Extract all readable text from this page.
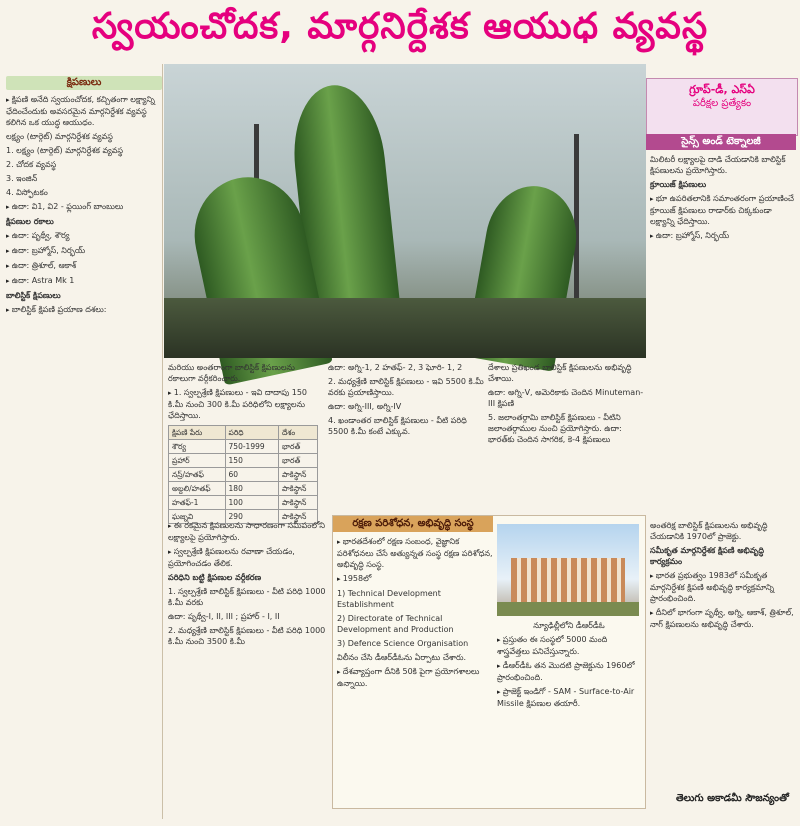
స్వయంచోదక, మార్గనిర్దేశక ఆయుధ వ్యవస్థ
క్షిపణులు

▸ క్షిపణి అనేది స్వయంచోదక, కచ్చితంగా లక్ష్యాన్ని ఛేదించేందుకు అవసరమైన మార్గనిర్దేశక వ్యవస్థ కలిగిన ఒక యుద్ధ ఆయుధం.

లక్ష్యం (టార్గెట్) మార్గనిర్దేశక వ్యవస్థ

1. లక్ష్యం (టార్గెట్) మార్గనిర్దేశక వ్యవస్థ

2. చోదక వ్యవస్థ

3. ఇంజిన్

4. విస్ఫోటకం

▸ ఉదా: వి1, వి2 - ఫ్లయింగ్ బాంబులు

క్షిపణుల రకాలు

▸ ఉదా: పృథ్వీ, శౌర్య

▸ ఉదా: బ్రహ్మోస్, నిర్భయ్

▸ ఉదా: త్రిశూల్, ఆకాశ్

▸ ఉదా: Astra Mk 1

బాలిస్టిక్ క్షిపణులు

▸ బాలిస్టిక్ క్షిపణి ప్రయాణ దశలు:

గ్రూప్-డీ, ఎస్‌ఏ
పరీక్షల ప్రత్యేకం
సైన్స్ అండ్ టెక్నాలజీ

మిలిటరీ లక్ష్యాలపై దాడి చేయడానికి బాలిస్టిక్ క్షిపణులను ప్రయోగిస్తారు.

క్రూయిజ్ క్షిపణులు

▸ భూ ఉపరితలానికి సమాంతరంగా ప్రయాణించే క్రూయిజ్ క్షిపణులు రాడార్‌కు చిక్కకుండా లక్ష్యాన్ని ఛేదిస్తాయి.

▸ ఉదా: బ్రహ్మోస్, నిర్భయ్

మరియు అంతరాంగా బాలిస్టిక్ క్షిపణులను రకాలుగా వర్గీకరించారు.

▸ 1. స్వల్పశ్రేణి క్షిపణులు - ఇవి దాదాపు 150 కి.మీ నుంచి 300 కి.మీ పరిధిలోని లక్ష్యాలను ఛేదిస్తాయి.

క్షిపణి పేరు	పరిధి	దేశం
శౌర్య	750-1999	భారత్
ప్రహార్	150	భారత్
నస్ర్/హతఫ్	60	పాకిస్థాన్
అబ్దలి/హతఫ్	180	పాకిస్థాన్
హతఫ్-1	100	పాకిస్థాన్
ఘజ్నవి	290	పాకిస్థాన్

ఉదా: అగ్ని-1, 2 హతఫ్- 2, 3 ఘోరి- 1, 2

2. మధ్యశ్రేణి బాలిస్టిక్ క్షిపణులు - ఇవి 5500 కి.మీ వరకు ప్రయాణిస్తాయి.

ఉదా: అగ్ని-III, అగ్ని-IV

4. ఖండాంతర బాలిస్టిక్ క్షిపణులు - వీటి పరిధి 5500 కి.మీ కంటే ఎక్కువ.

దేశాలు ప్రతిఖండ బాలిస్టిక్ క్షిపణులను అభివృద్ధి చేశాయి.

ఉదా: అగ్ని-V, అమెరికాకు చెందిన Minuteman-III క్షిపణి

5. జలాంతర్గామి బాలిస్టిక్ క్షిపణులు - వీటిని జలాంతర్గాముల నుంచి ప్రయోగిస్తారు. ఉదా: భారత్‌కు చెందిన సాగరిక, కె-4 క్షిపణులు

▸ ఈ రకమైన క్షిపణులను సాధారణంగా సమీపంలోని లక్ష్యాలపై ప్రయోగిస్తారు.

▸ స్వల్పశ్రేణి క్షిపణులను రవాణా చేయడం, ప్రయోగించడం తేలిక.

పరిధిని బట్టి క్షిపణుల వర్గీకరణ

1. స్వల్పశ్రేణి బాలిస్టిక్ క్షిపణులు - వీటి పరిధి 1000 కి.మీ వరకు

ఉదా: పృథ్వీ-I, II, III ; ప్రహార్ - I, II

2. మధ్యశ్రేణి బాలిస్టిక్ క్షిపణులు - వీటి పరిధి 1000 కి.మీ నుంచి 3500 కి.మీ

రక్షణ పరిశోధన, అభివృద్ధి సంస్థ

▸ భారతదేశంలో రక్షణ సంబంధ, వైజ్ఞానిక పరిశోధనలు చేసే అత్యున్నత సంస్థ రక్షణ పరిశోధన, అభివృద్ధి సంస్థ.

▸ 1958లో

1) Technical Development Establishment

2) Directorate of Technical Development and Production

3) Defence Science Organisation

విలీనం చేసి డీఆర్‌డీఓను ఏర్పాటు చేశారు.

▸ దేశవ్యాప్తంగా దీనికి 50కి పైగా ప్రయోగశాలలు ఉన్నాయి.

న్యూఢిల్లీలోని డీఆర్‌డీఓ

▸ ప్రస్తుతం ఈ సంస్థలో 5000 మంది శాస్త్రవేత్తలు పనిచేస్తున్నారు.

▸ డీఆర్‌డీఓ తన మొదటి ప్రాజెక్టును 1960లో ప్రారంభించింది.

▸ ప్రాజెక్ట్ ఇండిగో - SAM - Surface-to-Air Missile క్షిపణుల తయారీ.

అంతరిక్ష బాలిస్టిక్ క్షిపణులను అభివృద్ధి చేయడానికి 1970లో ప్రాజెక్టు.

సమీకృత మార్గనిర్దేశక క్షిపణి అభివృద్ధి కార్యక్రమం

▸ భారత ప్రభుత్వం 1983లో సమీకృత మార్గనిర్దేశక క్షిపణి అభివృద్ధి కార్యక్రమాన్ని ప్రారంభించింది.

▸ దీనిలో భాగంగా పృథ్వీ, అగ్ని, ఆకాశ్, త్రిశూల్, నాగ్ క్షిపణులను అభివృద్ధి చేశారు.

తెలుగు అకాడమీ సౌజన్యంతో
